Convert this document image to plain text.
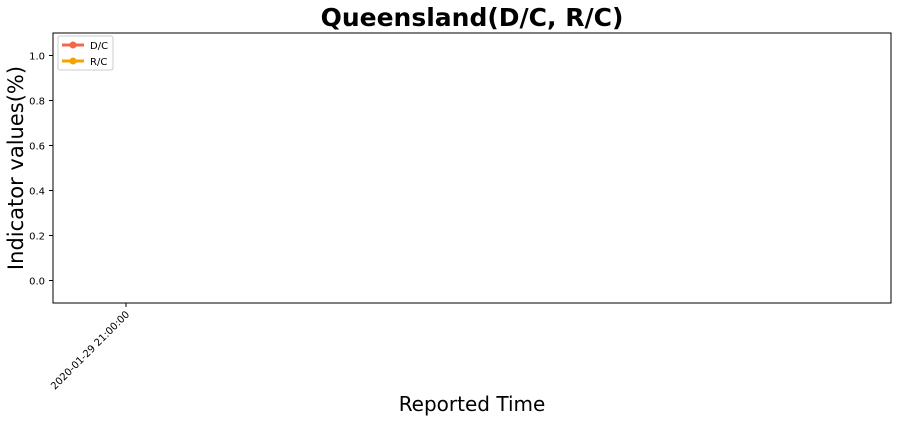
Queensland(D/C, R/C)
Indicator values(%)
Reported Time
0.0
0.2
0.4
0.6
0.8
1.0
2020-01-29 21:00:00
D/C
R/C
